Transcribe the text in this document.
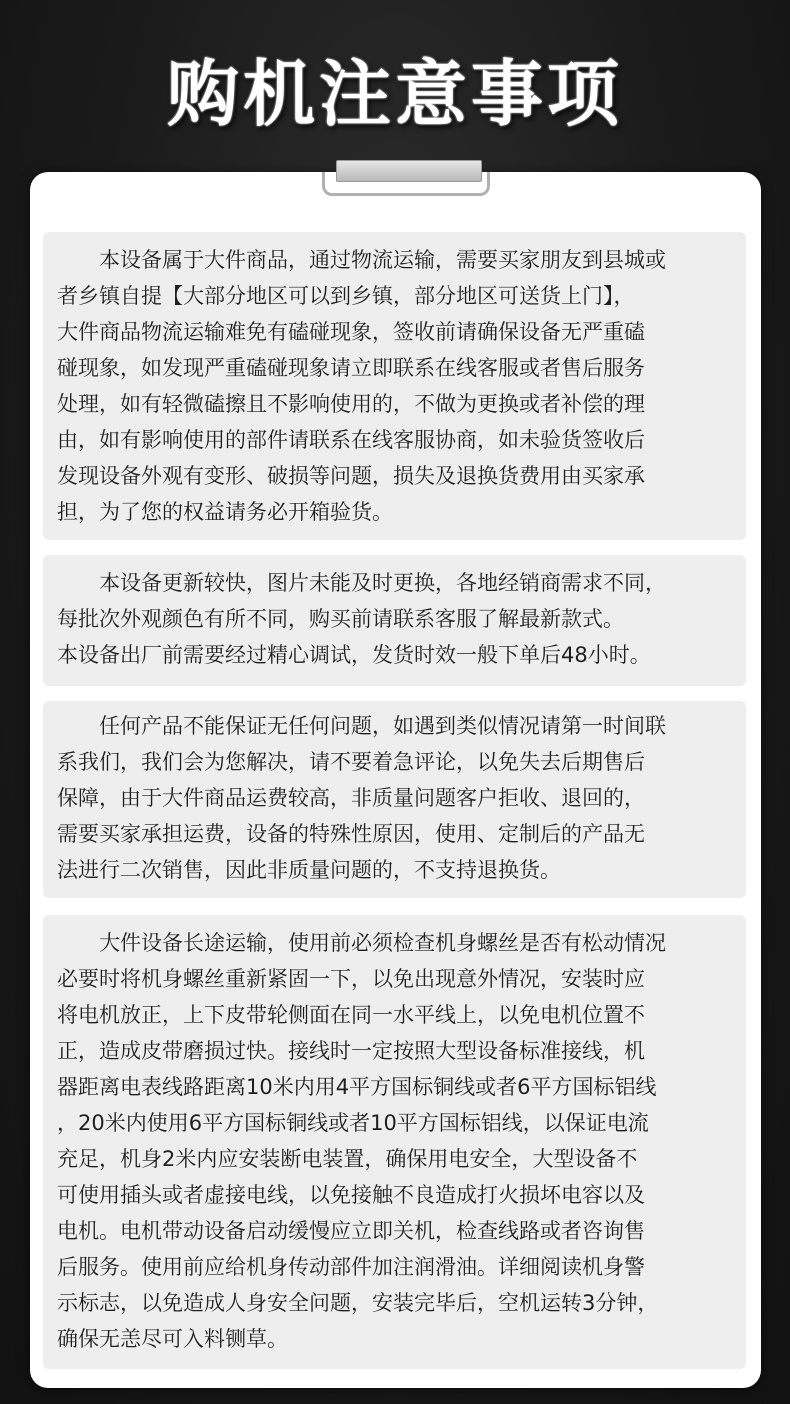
购机注意事项

　　本设备属于大件商品，通过物流运输，需要买家朋友到县城或
者乡镇自提【大部分地区可以到乡镇，部分地区可送货上门】，
大件商品物流运输难免有磕碰现象，签收前请确保设备无严重磕
碰现象，如发现严重磕碰现象请立即联系在线客服或者售后服务
处理，如有轻微磕擦且不影响使用的，不做为更换或者补偿的理
由，如有影响使用的部件请联系在线客服协商，如未验货签收后
发现设备外观有变形、破损等问题，损失及退换货费用由买家承
担，为了您的权益请务必开箱验货。

　　本设备更新较快，图片未能及时更换，各地经销商需求不同，
每批次外观颜色有所不同，购买前请联系客服了解最新款式。
本设备出厂前需要经过精心调试，发货时效一般下单后48小时。

　　任何产品不能保证无任何问题，如遇到类似情况请第一时间联
系我们，我们会为您解决，请不要着急评论，以免失去后期售后
保障，由于大件商品运费较高，非质量问题客户拒收、退回的，
需要买家承担运费，设备的特殊性原因，使用、定制后的产品无
法进行二次销售，因此非质量问题的，不支持退换货。

　　大件设备长途运输，使用前必须检查机身螺丝是否有松动情况
必要时将机身螺丝重新紧固一下，以免出现意外情况，安装时应
将电机放正，上下皮带轮侧面在同一水平线上，以免电机位置不
正，造成皮带磨损过快。接线时一定按照大型设备标准接线，机
器距离电表线路距离10米内用4平方国标铜线或者6平方国标铝线
，20米内使用6平方国标铜线或者10平方国标铝线，以保证电流
充足，机身2米内应安装断电装置，确保用电安全，大型设备不
可使用插头或者虚接电线，以免接触不良造成打火损坏电容以及
电机。电机带动设备启动缓慢应立即关机，检查线路或者咨询售
后服务。使用前应给机身传动部件加注润滑油。详细阅读机身警
示标志，以免造成人身安全问题，安装完毕后，空机运转3分钟，
确保无恙尽可入料铡草。
